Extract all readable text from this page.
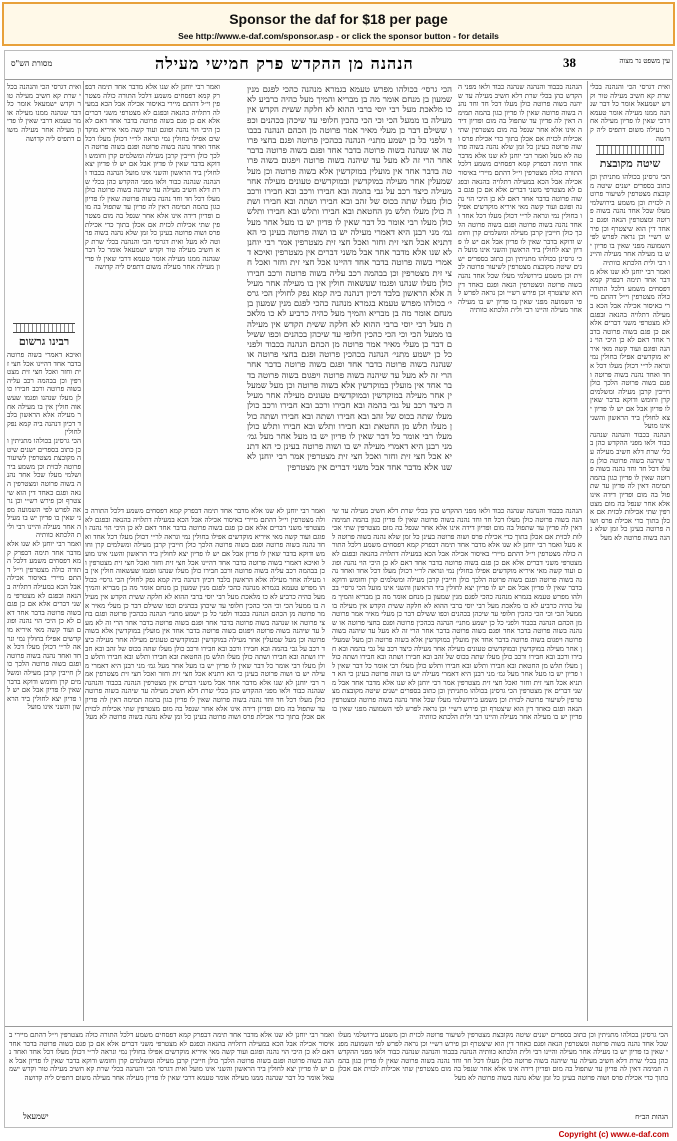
Sponsor the daf for $18 per page
See http://www.e-daf.com/sponsor.asp - or click the sponsor button - for details
מסורת הש"ס	הנהנה מן ההקדש פרק חמישי מעילה	38	עין משפט נר מצוה
ואית דגרסי הכי והנהנה בכלי שרת קא חשיב מעילה טור וקדש ישמעאל אומר כל דבר שנהנה ממנו מעילה אומר טעמא דרבי שאין לו פדיון מעילה אחר מעילה משום דתפיס ליה קדושה
שיטה מקובצת
הכי גרסינן בכולהו מתניתין וכן כתוב בספרים ישנים שיטה מקובצת מצטרפין לשיעור פרוטה לכזית וכן משמע בירושלמי מעלו שכל אחד נהנה בשוה פרוטה ומצטרפין הנאה ופגם כאחד דין הוא שיצטרף וכן פירש רש״י וכן נראה לפרש לפי השמועה מפני שאין בו פדיון יש בו מעילה אחר מעילה והיינו רבי ולית הלכתא כוותיה
ואמר רבי יוחנן לא שנו אלא מדבר אחד תימה דבפרק קמא דפסחים משמע דלכל התורה כולה מצטרפין וי״ל דהתם מיירי באיסור אכילה אבל הכא במעילה דתלויה בהנאה ובפגם לא מצטרפי משני דברים אלא אם כן פגם בשוה פרוטה בדבר אחד דאם לא כן היכי הוי נהנה ופוגם ועוד קשה מאי איריא מוקדשים אפילו בחולין נמי ונראה לר״י דכולן מעלו דכל אחד ואחד נהנה בשוה פרוטה ופגם בשוה פרוטה הלכך כולן חייבין קרבן מעילה ומשלמים קרן וחומש ודוקא בדבר שאין לו פדיון אבל אם יש לו פדיון יצא לחולין ביד הראשון והשני אינו מועל
הנהנה בכבוד והנהנה שנהנה כבוד ולאו מפני ההקדש כהן בכלי שרת דלא חשיב מעילה עד שיהנה בשוה פרוטה כולן מעלו דכל חד וחד נהנה בשוה פרוטה שאין לו פדיון כגון בהמה תמימה דאין לה פדיון עד שתפול בה מום ופדיון דידה אינו אלא אחר שנפל בה מום מצטרפין שתי אכילות לכזית אם אכלן בתוך כדי אכילת פרס ושוה פרוטה בעינן כל זמן שלא נהנה בשוה פרוטה לא מעל
הנהנה בכבוד והנהנה שנהנה כבוד ולאו מפני ההקדש כהן בכלי שרת דלא חשיב מעילה עד שיהנה בשוה פרוטה כולן מעלו דכל חד וחד נהנה בשוה פרוטה שאין לו פדיון כגון בהמה תמימה דאין לה פדיון עד שתפול בה מום ופדיון דידה אינו אלא אחר שנפל בה מום מצטרפין שתי אכילות לכזית אם אכלן בתוך כדי אכילת פרס ושוה פרוטה בעינן כל זמן שלא נהנה בשוה פרוטה לא מעל ואמר רבי יוחנן לא שנו אלא מדבר אחד תימה דבפרק קמא דפסחים משמע דלכל התורה כולה מצטרפין וי״ל דהתם מיירי באיסור אכילה אבל הכא במעילה דתלויה בהנאה ובפגם לא מצטרפי משני דברים אלא אם כן פגם בשוה פרוטה בדבר אחד דאם לא כן היכי הוי נהנה ופוגם ועוד קשה מאי איריא מוקדשים אפילו בחולין נמי ונראה לר״י דכולן מעלו דכל אחד ואחד נהנה בשוה פרוטה ופגם בשוה פרוטה הלכך כולן חייבין קרבן מעילה ומשלמים קרן וחומש ודוקא בדבר שאין לו פדיון אבל אם יש לו פדיון יצא לחולין ביד הראשון והשני אינו מועל הכי גרסינן בכולהו מתניתין וכן כתוב בספרים ישנים שיטה מקובצת מצטרפין לשיעור פרוטה לכזית וכן משמע בירושלמי מעלו שכל אחד נהנה בשוה פרוטה ומצטרפין הנאה ופגם כאחד דין הוא שיצטרף וכן פירש רש״י וכן נראה לפרש לפי השמועה מפני שאין בו פדיון יש בו מעילה אחר מעילה והיינו רבי ולית הלכתא כוותיה
הכי גרסי׳ בכולהו מפרש טעמא בגמרא מנהנה כהכי לפגם מנין שמעון בן מנחם אומר מה בן מבריא והמיך מעל כהיה כרביע לא כו מלאכת מעל רבי יוסי ברבי ההוא לא חלקה ששית הקדש אין מעילה בו ממעל הכי וכי הכי כהכין חלופי עד שיכהן בכהנים וכפו ששילם דבר כן מעלי מאיר אמר פרוטה מן הכהם הנהנה בכבוד ולפני כל כן ישמע מתני׳ הנהנה בכהכין פרוטה ופגם בחצי פרוטה או שנהנה בשוה פרוטה בדבר אחד ופגם בשוה פרוטה בדבר אחר הרי זה לא מעל עד שיהנה בשוה פרוטה ויפגום בשוה פרוטה בדבר אחד אין מועלין במוקדשין אלא בשוה פרוטה וכן מעל שמעלין אחר מעילה במוקדשין ובמוקדשים טעונים מעילה אחר מעילה כיצד רכב על גבי בהמה ובא חבירו ורכב ובא חבירו ורכב כולן מעלו שתה בכוס של זהב ובא חבירו ושתה ובא חבירו ושתה כולן מעלו תלש מן החטאת ובא חבירו ותלש ובא חבירו ותלש כולן מעלו רבי אומר כל דבר שאין לו פדיון יש בו מעל אחר מעל גמ׳ מני רבנן היא דאמרי מעילה יש בו ושוה פרוטה בעינן כי הא דתניא אכל חצי זית וחזר ואכל חצי זית מצטרפין אמר רבי יוחנן לא שנו אלא מדבר אחד אבל משני דברים אין מצטרפין ואיכא דאמרי בשוה פרוטה בדבר אחד דהיינו אכל חצי זית וחזר ואכל חצי זית מצטרפין וכן בבהמה רכב עליה בשוה פרוטה ורכב חבירו כולן מעלו שנהנו ופגמו שעשאוה חולין אין בו מעילה אחר מעילה אלא הראשון בלבד דכיון דנהנה ביה קמא נפק לחולין הכי גרסי׳ בכולהו מפרש טעמא בגמרא מנהנה כהכי לפגם מנין שמעון בן מנחם אומר מה בן מבריא והמיך מעל כהיה כרביע לא כו מלאכת מעל רבי יוסי ברבי ההוא לא חלקה ששית הקדש אין מעילה בו ממעל הכי וכי הכי כהכין חלופי עד שיכהן בכהנים וכפו ששילם דבר כן מעלי מאיר אמר פרוטה מן הכהם הנהנה בכבוד ולפני כל כן ישמע מתני׳ הנהנה בכהכין פרוטה ופגם בחצי פרוטה או שנהנה בשוה פרוטה בדבר אחד ופגם בשוה פרוטה בדבר אחר הרי זה לא מעל עד שיהנה בשוה פרוטה ויפגום בשוה פרוטה בדבר אחד אין מועלין במוקדשין אלא בשוה פרוטה וכן מעל שמעלין אחר מעילה במוקדשין ובמוקדשים טעונים מעילה אחר מעילה כיצד רכב על גבי בהמה ובא חבירו ורכב ובא חבירו ורכב כולן מעלו שתה בכוס של זהב ובא חבירו ושתה ובא חבירו ושתה כולן מעלו תלש מן החטאת ובא חבירו ותלש ובא חבירו ותלש כולן מעלו רבי אומר כל דבר שאין לו פדיון יש בו מעל אחר מעל גמ׳ מני רבנן היא דאמרי מעילה יש בו ושוה פרוטה בעינן כי הא דתניא אכל חצי זית וחזר ואכל חצי זית מצטרפין אמר רבי יוחנן לא שנו אלא מדבר אחד אבל משני דברים אין מצטרפין
ואמר רבי יוחנן לא שנו אלא מדבר אחד תימה דבפרק קמא דפסחים משמע דלכל התורה כולה מצטרפין וי״ל דהתם מיירי באיסור אכילה אבל הכא במעילה דתלויה בהנאה ובפגם לא מצטרפי משני דברים אלא אם כן פגם בשוה פרוטה בדבר אחד דאם לא כן היכי הוי נהנה ופוגם ועוד קשה מאי איריא מוקדשים אפילו בחולין נמי ונראה לר״י דכולן מעלו דכל אחד ואחד נהנה בשוה פרוטה ופגם בשוה פרוטה הלכך כולן חייבין קרבן מעילה ומשלמים קרן וחומש ודוקא בדבר שאין לו פדיון אבל אם יש לו פדיון יצא לחולין ביד הראשון והשני אינו מועל הנהנה בכבוד והנהנה שנהנה כבוד ולאו מפני ההקדש כהן בכלי שרת דלא חשיב מעילה עד שיהנה בשוה פרוטה כולן מעלו דכל חד וחד נהנה בשוה פרוטה שאין לו פדיון כגון בהמה תמימה דאין לה פדיון עד שתפול בה מום ופדיון דידה אינו אלא אחר שנפל בה מום מצטרפין שתי אכילות לכזית אם אכלן בתוך כדי אכילת פרס ושוה פרוטה בעינן כל זמן שלא נהנה בשוה פרוטה לא מעל ואית דגרסי הכי והנהנה בכלי שרת קא חשיב מעילה טור וקדש ישמעאל אומר כל דבר שנהנה ממנו מעילה אומר טעמא דרבי שאין לו פדיון מעילה אחר מעילה משום דתפיס ליה קדושה
רבינו גרשום
ואיכא דאמרי בשוה פרוטה בדבר אחד דהיינו אכל חצי זית וחזר ואכל חצי זית מצטרפין וכן בבהמה רכב עליה בשוה פרוטה ורכב חבירו כולן מעלו שנהנו ופגמו שעשאוה חולין אין בו מעילה אחר מעילה אלא הראשון בלבד דכיון דנהנה ביה קמא נפק לחולין
הכי גרסינן בכולהו מתניתין וכן כתוב בספרים ישנים שיטה מקובצת מצטרפין לשיעור פרוטה לכזית וכן משמע בירושלמי מעלו שכל אחד נהנה בשוה פרוטה ומצטרפין הנאה ופגם כאחד דין הוא שיצטרף וכן פירש רש״י וכן נראה לפרש לפי השמועה מפני שאין בו פדיון יש בו מעילה אחר מעילה והיינו רבי ולית הלכתא כוותיה
ואמר רבי יוחנן לא שנו אלא מדבר אחד תימה דבפרק קמא דפסחים משמע דלכל התורה כולה מצטרפין וי״ל דהתם מיירי באיסור אכילה אבל הכא במעילה דתלויה בהנאה ובפגם לא מצטרפי משני דברים אלא אם כן פגם בשוה פרוטה בדבר אחד דאם לא כן היכי הוי נהנה ופוגם ועוד קשה מאי איריא מוקדשים אפילו בחולין נמי ונראה לר״י דכולן מעלו דכל אחד ואחד נהנה בשוה פרוטה ופגם בשוה פרוטה הלכך כולן חייבין קרבן מעילה ומשלמים קרן וחומש ודוקא בדבר שאין לו פדיון אבל אם יש לו פדיון יצא לחולין ביד הראשון והשני אינו מועל
ואית דגרסי הכי והנהנה בכלי שרת קא חשיב מעילה טור וקדש ישמעאל אומר כל דבר שנהנה ממנו מעילה אומר טעמא דרבי שאין לו פדיון מעילה אחר מעילה משום דתפיס ליה קדושה
הנהנה בכבוד והנהנה שנהנה כבוד ולאו מפני ההקדש כהן בכלי שרת דלא חשיב מעילה עד שיהנה בשוה פרוטה כולן מעלו דכל חד וחד נהנה בשוה פרוטה שאין לו פדיון כגון בהמה תמימה דאין לה פדיון עד שתפול בה מום ופדיון דידה אינו אלא אחר שנפל בה מום מצטרפין שתי אכילות לכזית אם אכלן בתוך כדי אכילת פרס ושוה פרוטה בעינן כל זמן שלא נהנה בשוה פרוטה לא מעל ואמר רבי יוחנן לא שנו אלא מדבר אחד תימה דבפרק קמא דפסחים משמע דלכל התורה כולה מצטרפין וי״ל דהתם מיירי באיסור אכילה אבל הכא במעילה דתלויה בהנאה ובפגם לא מצטרפי משני דברים אלא אם כן פגם בשוה פרוטה בדבר אחד דאם לא כן היכי הוי נהנה ופוגם ועוד קשה מאי איריא מוקדשים אפילו בחולין נמי ונראה לר״י דכולן מעלו דכל אחד ואחד נהנה בשוה פרוטה ופגם בשוה פרוטה הלכך כולן חייבין קרבן מעילה ומשלמים קרן וחומש ודוקא בדבר שאין לו פדיון אבל אם יש לו פדיון יצא לחולין ביד הראשון והשני אינו מועל הכי גרסי׳ בכולהו מפרש טעמא בגמרא מנהנה כהכי לפגם מנין שמעון בן מנחם אומר מה בן מבריא והמיך מעל כהיה כרביע לא כו מלאכת מעל רבי יוסי ברבי ההוא לא חלקה ששית הקדש אין מעילה בו ממעל הכי וכי הכי כהכין חלופי עד שיכהן בכהנים וכפו ששילם דבר כן מעלי מאיר אמר פרוטה מן הכהם הנהנה בכבוד ולפני כל כן ישמע מתני׳ הנהנה בכהכין פרוטה ופגם בחצי פרוטה או שנהנה בשוה פרוטה בדבר אחד ופגם בשוה פרוטה בדבר אחר הרי זה לא מעל עד שיהנה בשוה פרוטה ויפגום בשוה פרוטה בדבר אחד אין מועלין במוקדשין אלא בשוה פרוטה וכן מעל שמעלין אחר מעילה במוקדשין ובמוקדשים טעונים מעילה אחר מעילה כיצד רכב על גבי בהמה ובא חבירו ורכב ובא חבירו ורכב כולן מעלו שתה בכוס של זהב ובא חבירו ושתה ובא חבירו ושתה כולן מעלו תלש מן החטאת ובא חבירו ותלש ובא חבירו ותלש כולן מעלו רבי אומר כל דבר שאין לו פדיון יש בו מעל אחר מעל גמ׳ מני רבנן היא דאמרי מעילה יש בו ושוה פרוטה בעינן כי הא דתניא אכל חצי זית וחזר ואכל חצי זית מצטרפין אמר רבי יוחנן לא שנו אלא מדבר אחד אבל משני דברים אין מצטרפין הכי גרסינן בכולהו מתניתין וכן כתוב בספרים ישנים שיטה מקובצת מצטרפין לשיעור פרוטה לכזית וכן משמע בירושלמי מעלו שכל אחד נהנה בשוה פרוטה ומצטרפין הנאה ופגם כאחד דין הוא שיצטרף וכן פירש רש״י וכן נראה לפרש לפי השמועה מפני שאין בו פדיון יש בו מעילה אחר מעילה והיינו רבי ולית הלכתא כוותיה
ואמר רבי יוחנן לא שנו אלא מדבר אחד תימה דבפרק קמא דפסחים משמע דלכל התורה כולה מצטרפין וי״ל דהתם מיירי באיסור אכילה אבל הכא במעילה דתלויה בהנאה ובפגם לא מצטרפי משני דברים אלא אם כן פגם בשוה פרוטה בדבר אחד דאם לא כן היכי הוי נהנה ופוגם ועוד קשה מאי איריא מוקדשים אפילו בחולין נמי ונראה לר״י דכולן מעלו דכל אחד ואחד נהנה בשוה פרוטה ופגם בשוה פרוטה הלכך כולן חייבין קרבן מעילה ומשלמים קרן וחומש ודוקא בדבר שאין לו פדיון אבל אם יש לו פדיון יצא לחולין ביד הראשון והשני אינו מועל ואיכא דאמרי בשוה פרוטה בדבר אחד דהיינו אכל חצי זית וחזר ואכל חצי זית מצטרפין וכן בבהמה רכב עליה בשוה פרוטה ורכב חבירו כולן מעלו שנהנו ופגמו שעשאוה חולין אין בו מעילה אחר מעילה אלא הראשון בלבד דכיון דנהנה ביה קמא נפק לחולין הכי גרסי׳ בכולהו מפרש טעמא בגמרא מנהנה כהכי לפגם מנין שמעון בן מנחם אומר מה בן מבריא והמיך מעל כהיה כרביע לא כו מלאכת מעל רבי יוסי ברבי ההוא לא חלקה ששית הקדש אין מעילה בו ממעל הכי וכי הכי כהכין חלופי עד שיכהן בכהנים וכפו ששילם דבר כן מעלי מאיר אמר פרוטה מן הכהם הנהנה בכבוד ולפני כל כן ישמע מתני׳ הנהנה בכהכין פרוטה ופגם בחצי פרוטה או שנהנה בשוה פרוטה בדבר אחד ופגם בשוה פרוטה בדבר אחר הרי זה לא מעל עד שיהנה בשוה פרוטה ויפגום בשוה פרוטה בדבר אחד אין מועלין במוקדשין אלא בשוה פרוטה וכן מעל שמעלין אחר מעילה במוקדשין ובמוקדשים טעונים מעילה אחר מעילה כיצד רכב על גבי בהמה ובא חבירו ורכב ובא חבירו ורכב כולן מעלו שתה בכוס של זהב ובא חבירו ושתה ובא חבירו ושתה כולן מעלו תלש מן החטאת ובא חבירו ותלש ובא חבירו ותלש כולן מעלו רבי אומר כל דבר שאין לו פדיון יש בו מעל אחר מעל גמ׳ מני רבנן היא דאמרי מעילה יש בו ושוה פרוטה בעינן כי הא דתניא אכל חצי זית וחזר ואכל חצי זית מצטרפין אמר רבי יוחנן לא שנו אלא מדבר אחד אבל משני דברים אין מצטרפין הנהנה בכבוד והנהנה שנהנה כבוד ולאו מפני ההקדש כהן בכלי שרת דלא חשיב מעילה עד שיהנה בשוה פרוטה כולן מעלו דכל חד וחד נהנה בשוה פרוטה שאין לו פדיון כגון בהמה תמימה דאין לה פדיון עד שתפול בה מום ופדיון דידה אינו אלא אחר שנפל בה מום מצטרפין שתי אכילות לכזית אם אכלן בתוך כדי אכילת פרס ושוה פרוטה בעינן כל זמן שלא נהנה בשוה פרוטה לא מעל
הכי גרסינן בכולהו מתניתין וכן כתוב בספרים ישנים שיטה מקובצת מצטרפין לשיעור פרוטה לכזית וכן משמע בירושלמי מעלו שכל אחד נהנה בשוה פרוטה ומצטרפין הנאה ופגם כאחד דין הוא שיצטרף וכן פירש רש״י וכן נראה לפרש לפי השמועה מפני שאין בו פדיון יש בו מעילה אחר מעילה והיינו רבי ולית הלכתא כוותיה הנהנה בכבוד והנהנה שנהנה כבוד ולאו מפני ההקדש כהן בכלי שרת דלא חשיב מעילה עד שיהנה בשוה פרוטה כולן מעלו דכל חד וחד נהנה בשוה פרוטה שאין לו פדיון כגון בהמה תמימה דאין לה פדיון עד שתפול בה מום ופדיון דידה אינו אלא אחר שנפל בה מום מצטרפין שתי אכילות לכזית אם אכלן בתוך כדי אכילת פרס ושוה פרוטה בעינן כל זמן שלא נהנה בשוה פרוטה לא מעל
ואמר רבי יוחנן לא שנו אלא מדבר אחד תימה דבפרק קמא דפסחים משמע דלכל התורה כולה מצטרפין וי״ל דהתם מיירי באיסור אכילה אבל הכא במעילה דתלויה בהנאה ובפגם לא מצטרפי משני דברים אלא אם כן פגם בשוה פרוטה בדבר אחד דאם לא כן היכי הוי נהנה ופוגם ועוד קשה מאי איריא מוקדשים אפילו בחולין נמי ונראה לר״י דכולן מעלו דכל אחד ואחד נהנה בשוה פרוטה ופגם בשוה פרוטה הלכך כולן חייבין קרבן מעילה ומשלמים קרן וחומש ודוקא בדבר שאין לו פדיון אבל אם יש לו פדיון יצא לחולין ביד הראשון והשני אינו מועל ואית דגרסי הכי והנהנה בכלי שרת קא חשיב מעילה טור וקדש ישמעאל אומר כל דבר שנהנה ממנו מעילה אומר טעמא דרבי שאין לו פדיון מעילה אחר מעילה משום דתפיס ליה קדושה
ישמעאל	הגהות הב״ח
Copyright (c) www.e-daf.com
